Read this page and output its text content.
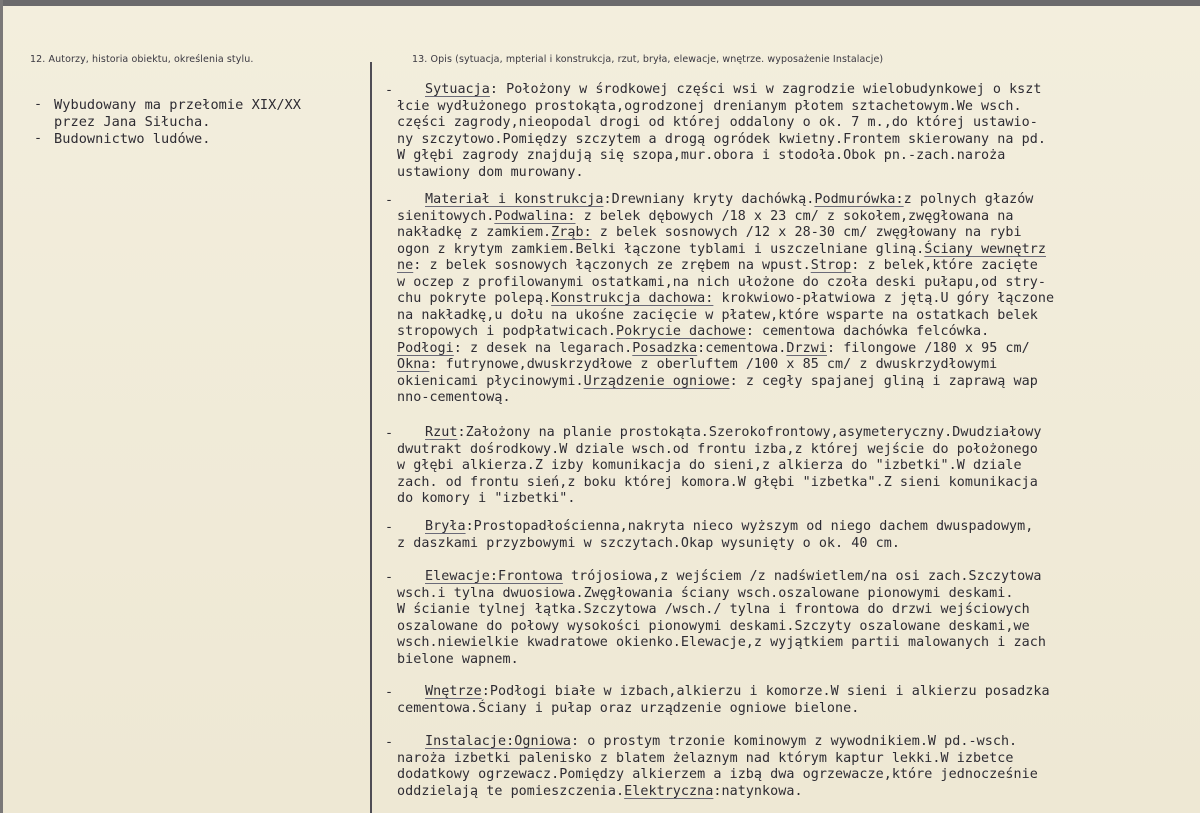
12. Autorzy, historia obiektu, określenia stylu.	13. Opis (sytuacja, mpterial i konstrukcja, rzut, bryła, elewacje, wnętrze. wyposażenie Instalacje)
- Wybudowany ma przełomie XIX/XX
przez Jana Siłucha.
- Budownictwo ludówe.
- Sytuacja: Położony w środkowej części wsi w zagrodzie wielobudynkowej o kszt
łcie wydłużonego prostokąta,ogrodzonej drenianym płotem sztachetowym.We wsch.
części zagrody,nieopodal drogi od której oddalony o ok. 7 m.,do której ustawio-
ny szczytowo.Pomiędzy szczytem a drogą ogródek kwietny.Frontem skierowany na pd.
W głębi zagrody znajdują się szopa,mur.obora i stodoła.Obok pn.-zach.naroża
ustawiony dom murowany.
- Materiał i konstrukcja:Drewniany kryty dachówką.Podmurówka:z polnych głazów
sienitowych.Podwalina: z belek dębowych /18 x 23 cm/ z sokołem,zwęgłowana na
nakładkę z zamkiem.Zrąb: z belek sosnowych /12 x 28-30 cm/ zwęgłowany na rybi
ogon z krytym zamkiem.Belki łączone tyblami i uszczelniane gliną.Ściany wewnętrz
ne: z belek sosnowych łączonych ze zrębem na wpust.Strop: z belek,które zacięte
w oczep z profilowanymi ostatkami,na nich ułożone do czoła deski pułapu,od stry-
chu pokryte polepą.Konstrukcja dachowa: krokwiowo-płatwiowa z jętą.U góry łączone
na nakładkę,u dołu na ukośne zacięcie w płatew,które wsparte na ostatkach belek
stropowych i podpłatwicach.Pokrycie dachowe: cementowa dachówka felcówka.
Podłogi: z desek na legarach.Posadzka:cementowa.Drzwi: filongowe /180 x 95 cm/
Okna: futrynowe,dwuskrzydłowe z oberluftem /100 x 85 cm/ z dwuskrzydłowymi
okienicami płycinowymi.Urządzenie ogniowe: z cegły spajanej gliną i zaprawą wap
nno-cementową.
- Rzut:Założony na planie prostokąta.Szerokofrontowy,asymeteryczny.Dwudziałowy
dwutrakt dośrodkowy.W dziale wsch.od frontu izba,z której wejście do położonego
w głębi alkierza.Z izby komunikacja do sieni,z alkierza do "izbetki".W dziale
zach. od frontu sień,z boku której komora.W głębi "izbetka".Z sieni komunikacja
do komory i "izbetki".
- Bryła:Prostopadłościenna,nakryta nieco wyższym od niego dachem dwuspadowym,
z daszkami przyzbowymi w szczytach.Okap wysunięty o ok. 40 cm.
- Elewacje:Frontowa trójosiowa,z wejściem /z nadświetlem/na osi zach.Szczytowa
wsch.i tylna dwuosiowa.Zwęgłowania ściany wsch.oszalowane pionowymi deskami.
W ścianie tylnej łątka.Szczytowa /wsch./ tylna i frontowa do drzwi wejściowych
oszalowane do połowy wysokości pionowymi deskami.Szczyty oszalowane deskami,we
wsch.niewielkie kwadratowe okienko.Elewacje,z wyjątkiem partii malowanych i zach
bielone wapnem.
- Wnętrze:Podłogi białe w izbach,alkierzu i komorze.W sieni i alkierzu posadzka
cementowa.Ściany i pułap oraz urządzenie ogniowe bielone.
- Instalacje:Ogniowa: o prostym trzonie kominowym z wywodnikiem.W pd.-wsch.
naroża izbetki palenisko z blatem żelaznym nad którym kaptur lekki.W izbetce
dodatkowy ogrzewacz.Pomiędzy alkierzem a izbą dwa ogrzewacze,które jednocześnie
oddzielają te pomieszczenia.Elektryczna:natynkowa.
